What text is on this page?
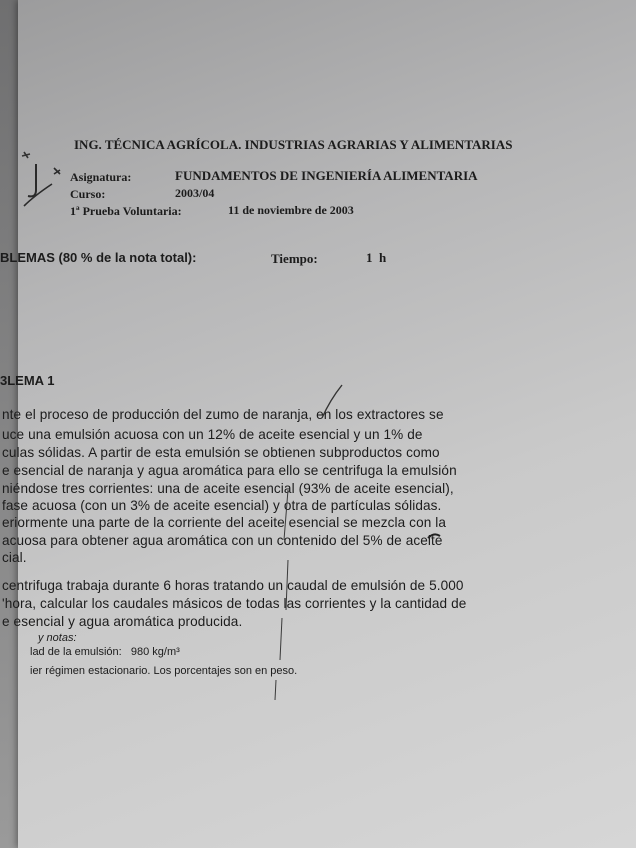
ING. TÉCNICA AGRÍCOLA. INDUSTRIAS AGRARIAS Y ALIMENTARIAS
Asignatura:	FUNDAMENTOS DE INGENIERÍA ALIMENTARIA
Curso:	2003/04
1ª Prueba Voluntaria:	11 de noviembre de 2003
BLEMAS (80 % de la nota total):	Tiempo:	1  h
3LEMA 1
nte el proceso de producción del zumo de naranja, en los extractores se
uce una emulsión acuosa con un 12% de aceite esencial y un 1% de
culas sólidas. A partir de esta emulsión se obtienen subproductos como
e esencial de naranja y agua aromática para ello se centrifuga la emulsión
niéndose tres corrientes: una de aceite esencial (93% de aceite esencial),
fase acuosa (con un 3% de aceite esencial) y otra de partículas sólidas.
eriormente una parte de la corriente del aceite esencial se mezcla con la
acuosa para obtener agua aromática con un contenido del 5% de aceite
cial.
centrifuga trabaja durante 6 horas tratando un caudal de emulsión de 5.000
'hora, calcular los caudales másicos de todas las corrientes y la cantidad de
e esencial y agua aromática producida.
y notas:
lad de la emulsión:   980 kg/m³
ier régimen estacionario. Los porcentajes son en peso.
